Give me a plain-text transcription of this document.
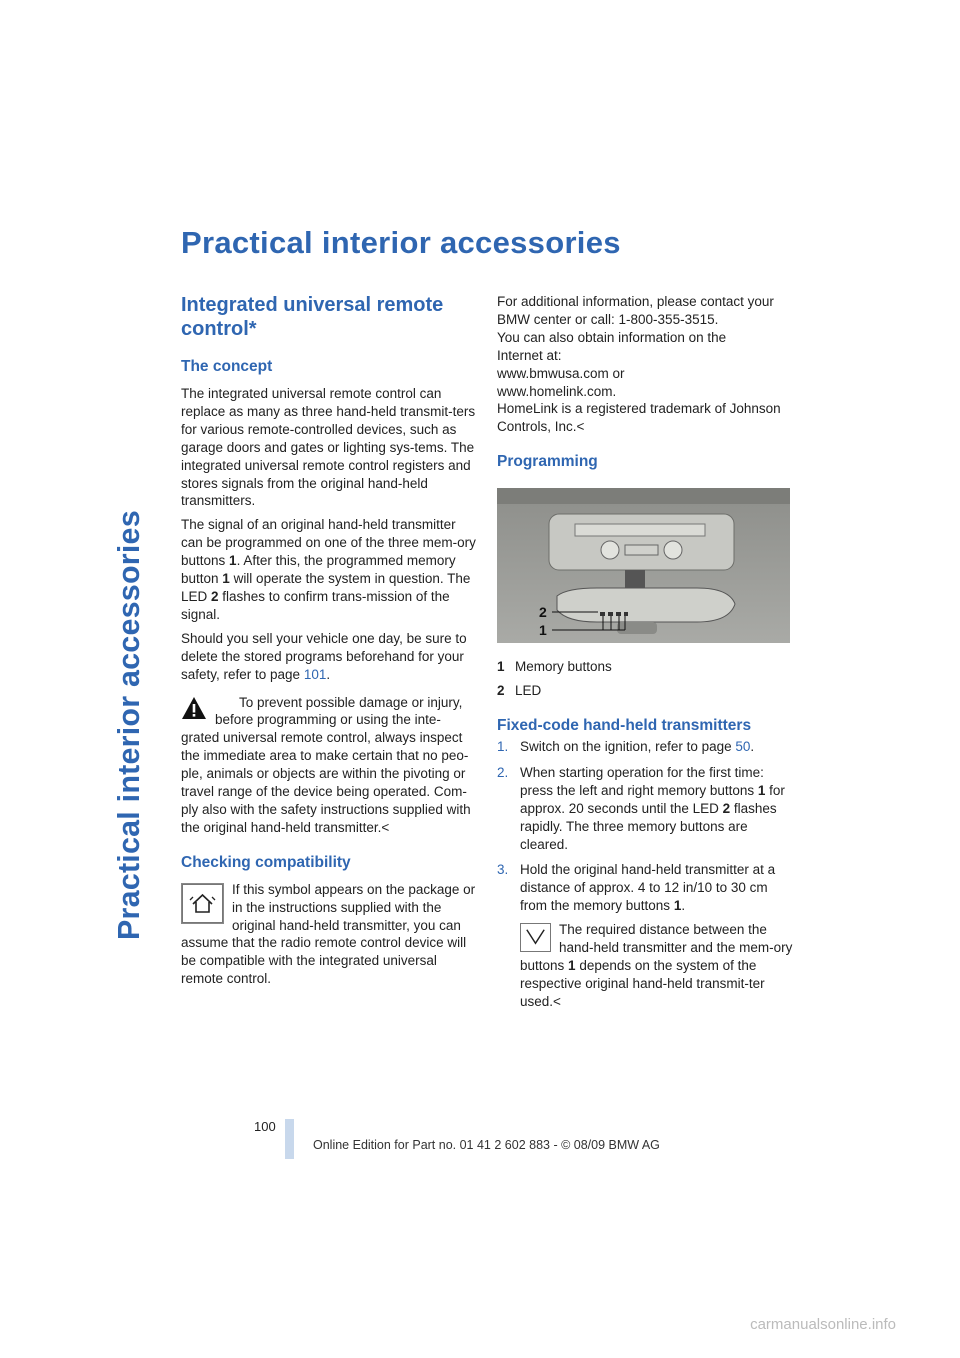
Practical interior accessories
Practical interior accessories
Integrated universal remote control*
The concept

The integrated universal remote control can replace as many as three hand-held transmit-ters for various remote-controlled devices, such as garage doors and gates or lighting sys-tems. The integrated universal remote control registers and stores signals from the original hand-held transmitters.

The signal of an original hand-held transmitter can be programmed on one of the three mem-ory buttons 1. After this, the programmed memory button 1 will operate the system in question. The LED 2 flashes to confirm trans-mission of the signal.

Should you sell your vehicle one day, be sure to delete the stored programs beforehand for your safety, refer to page 101.

To prevent possible damage or injury, before programming or using the inte-grated universal remote control, always inspect the immediate area to make certain that no peo-ple, animals or objects are within the pivoting or travel range of the device being operated. Com-ply also with the safety instructions supplied with the original hand-held transmitter.<

Checking compatibility

If this symbol appears on the package or in the instructions supplied with the original hand-held transmitter, you can assume that the radio remote control device will be compatible with the integrated universal remote control.

For additional information, please contact your BMW center or call: 1-800-355-3515.

You can also obtain information on the
Internet at:
www.bmwusa.com or
www.homelink.com.

HomeLink is a registered trademark of Johnson Controls, Inc.<

Programming
2
1
1 Memory buttons
2 LED
Fixed-code hand-held transmitters
1. Switch on the ignition, refer to page 50.
2. When starting operation for the first time: press the left and right memory buttons 1 for approx. 20 seconds until the LED 2 flashes rapidly. The three memory buttons are cleared.
3. Hold the original hand-held transmitter at a distance of approx. 4 to 12 in/10 to 30 cm from the memory buttons 1.
The required distance between the hand-held transmitter and the mem-ory buttons 1 depends on the system of the respective original hand-held transmit-ter used.<
100
Online Edition for Part no. 01 41 2 602 883 - © 08/09 BMW AG
carmanualsonline.info
